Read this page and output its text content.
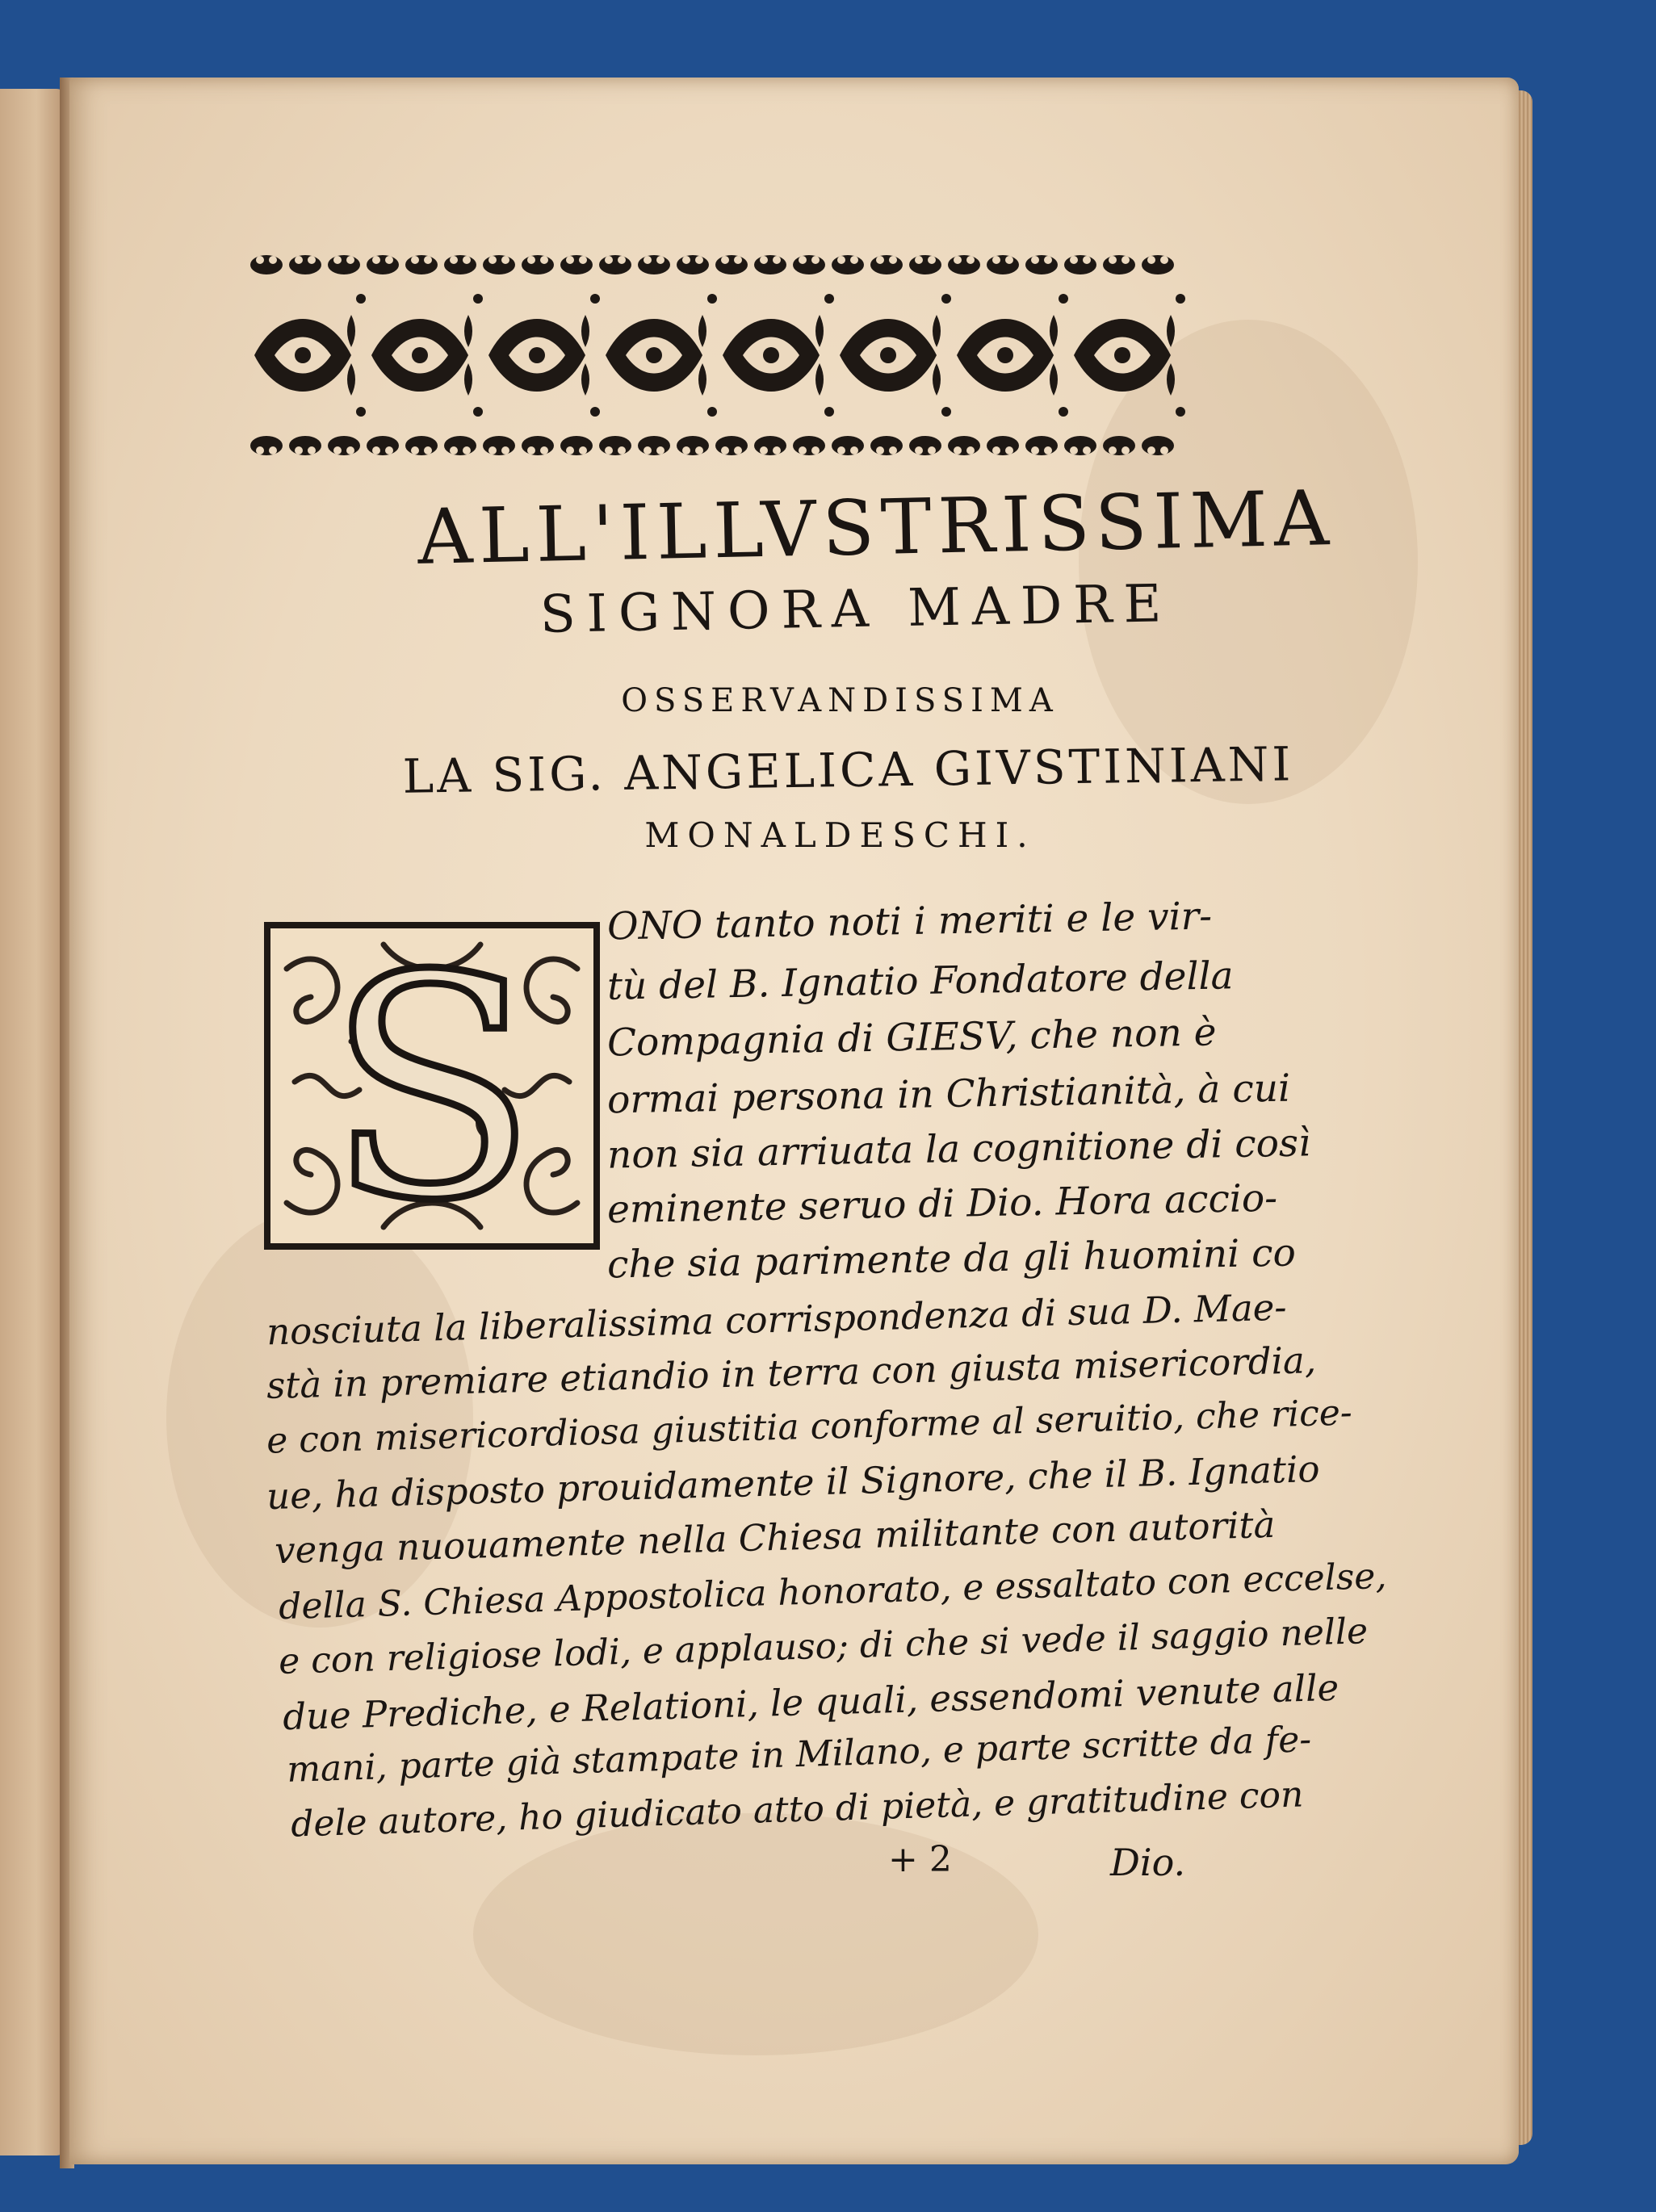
ALL'ILLVSTRISSIMA
SIGNORA MADRE
OSSERVANDISSIMA
LA SIG. ANGELICA GIVSTINIANI
MONALDESCHI.
S ONO tanto noti i meriti e le vir-
tù del B. Ignatio Fondatore della
Compagnia di GIESV, che non è
ormai persona in Christianità, à cui
non sia arriuata la cognitione di così
eminente seruo di Dio. Hora accio-
che sia parimente da gli huomini co
nosciuta la liberalissima corrispondenza di sua D. Mae-
stà in premiare etiandio in terra con giusta misericordia,
e con misericordiosa giustitia conforme al seruitio, che rice-
ue, ha disposto prouidamente il Signore, che il B. Ignatio
venga nuouamente nella Chiesa militante con autorità
della S. Chiesa Appostolica honorato, e essaltato con eccelse,
e con religiose lodi, e applauso; di che si vede il saggio nelle
due Prediche, e Relationi, le quali, essendomi venute alle
mani, parte già stampate in Milano, e parte scritte da fe-
dele autore, ho giudicato atto di pietà, e gratitudine con
+ 2	Dio.
